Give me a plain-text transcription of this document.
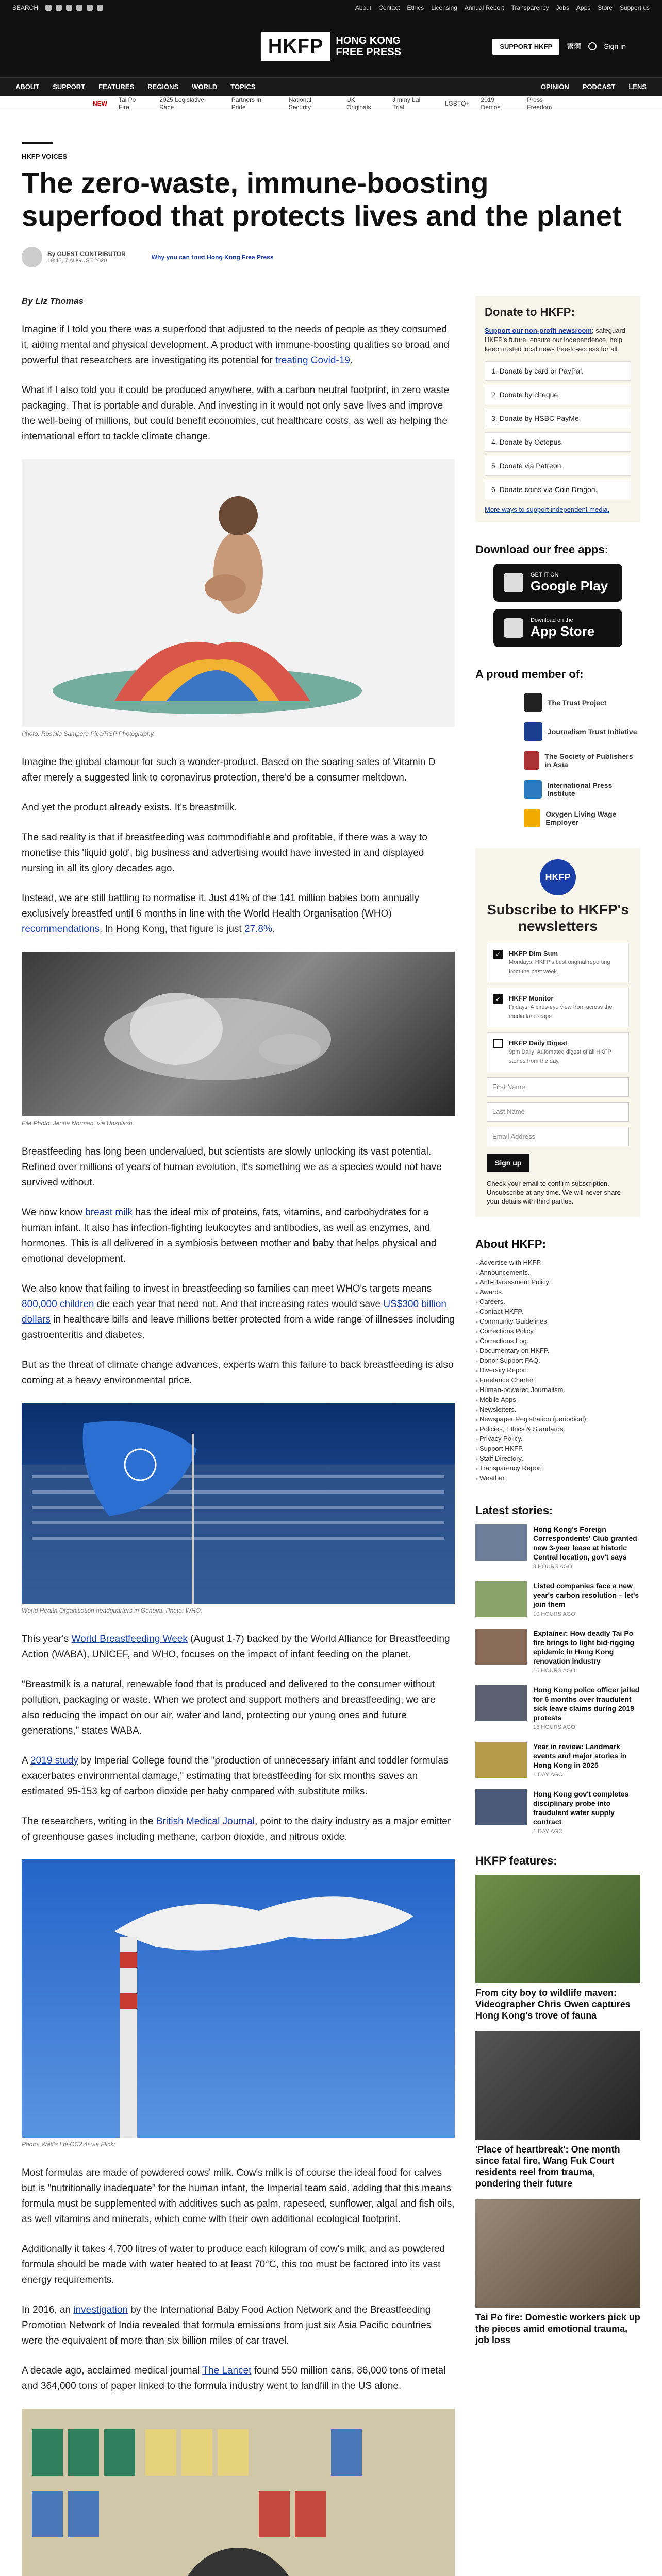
SEARCH	About Contact Ethics Licensing Annual Report Transparency Jobs Apps Store Support us
HKFP	HONG KONG
FREE PRESS	SUPPORT HKFP	繁體	Sign in
ABOUT SUPPORT FEATURES REGIONS WORLD TOPICS	OPINION PODCAST LENS
NEW Tai Po Fire
2025 Legislative Race
Partners in Pride
National Security
UK Originals
Jimmy Lai Trial	LGBTQ+ 2019 Demos
Press Freedom
HKFP VOICES
The zero-waste, immune-boosting superfood that protects lives and the planet
By GUEST CONTRIBUTOR
19:45, 7 AUGUST 2020	Why you can trust Hong Kong Free Press
By Liz Thomas

Imagine if I told you there was a superfood that adjusted to the needs of people as they consumed it, aiding mental and physical development. A product with immune-boosting qualities so broad and powerful that researchers are investigating its potential for treating Covid-19.

What if I also told you it could be produced anywhere, with a carbon neutral footprint, in zero waste packaging. That is portable and durable. And investing in it would not only save lives and improve the well-being of millions, but could benefit economies, cut healthcare costs, as well as helping the international effort to tackle climate change.

Photo: Rosalie Sampere Pico/RSP Photography.

Imagine the global clamour for such a wonder-product. Based on the soaring sales of Vitamin D after merely a suggested link to coronavirus protection, there'd be a consumer meltdown.

And yet the product already exists. It's breastmilk.

The sad reality is that if breastfeeding was commodifiable and profitable, if there was a way to monetise this 'liquid gold', big business and advertising would have invested in and displayed nursing in all its glory decades ago.

Instead, we are still battling to normalise it. Just 41% of the 141 million babies born annually exclusively breastfed until 6 months in line with the World Health Organisation (WHO) recommendations. In Hong Kong, that figure is just 27.8%.

File Photo: Jenna Norman, via Unsplash.

Breastfeeding has long been undervalued, but scientists are slowly unlocking its vast potential. Refined over millions of years of human evolution, it's something we as a species would not have survived without.

We now know breast milk has the ideal mix of proteins, fats, vitamins, and carbohydrates for a human infant. It also has infection-fighting leukocytes and antibodies, as well as enzymes, and hormones. This is all delivered in a symbiosis between mother and baby that helps physical and emotional development.

We also know that failing to invest in breastfeeding so families can meet WHO's targets means 800,000 children die each year that need not. And that increasing rates would save US$300 billion dollars in healthcare bills and leave millions better protected from a wide range of illnesses including gastroenteritis and diabetes.

But as the threat of climate change advances, experts warn this failure to back breastfeeding is also coming at a heavy environmental price.

World Health Organisation headquarters in Geneva. Photo: WHO.

This year's World Breastfeeding Week (August 1-7) backed by the World Alliance for Breastfeeding Action (WABA), UNICEF, and WHO, focuses on the impact of infant feeding on the planet.

"Breastmilk is a natural, renewable food that is produced and delivered to the consumer without pollution, packaging or waste. When we protect and support mothers and breastfeeding, we are also reducing the impact on our air, water and land, protecting our young ones and future generations," states WABA.

A 2019 study by Imperial College found the "production of unnecessary infant and toddler formulas exacerbates environmental damage," estimating that breastfeeding for six months saves an estimated 95-153 kg of carbon dioxide per baby compared with substitute milks.

The researchers, writing in the British Medical Journal, point to the dairy industry as a major emitter of greenhouse gases including methane, carbon dioxide, and nitrous oxide.

Photo: Walt's Lbi-CC2.4r via Flickr

Most formulas are made of powdered cows' milk. Cow's milk is of course the ideal food for calves but is "nutritionally inadequate" for the human infant, the Imperial team said, adding that this means formula must be supplemented with additives such as palm, rapeseed, sunflower, algal and fish oils, as well vitamins and minerals, which come with their own additional ecological footprint.

Additionally it takes 4,700 litres of water to produce each kilogram of cow's milk, and as powdered formula should be made with water heated to at least 70°C, this too must be factored into its vast energy requirements.

In 2016, an investigation by the International Baby Food Action Network and the Breastfeeding Promotion Network of India revealed that formula emissions from just six Asia Pacific countries were the equivalent of more than six billion miles of car travel.

A decade ago, acclaimed medical journal The Lancet found 550 million cans, 86,000 tons of metal and 364,000 tons of paper linked to the formula industry went to landfill in the US alone.

Donate to HKFP:
Support our non-profit newsroom; safeguard HKFP's future, ensure our independence, help keep trusted local news free-to-access for all.
1. Donate by card or PayPal.
2. Donate by cheque.
3. Donate by HSBC PayMe.
4. Donate by Octopus.
5. Donate via Patreon.
6. Donate coins via Coin Dragon.
More ways to support independent media.
Download our free apps:
GET IT ON
Google Play
Download on the
App Store
A proud member of:
The Trust Project
Journalism Trust Initiative
The Society of Publishers in Asia
International Press Institute
Oxygen Living Wage Employer
HKFP
Subscribe to HKFP's newsletters
✓	HKFP Dim Sum
Mondays: HKFP's best original reporting from the past week.
✓	HKFP Monitor
Fridays: A birds-eye view from across the media landscape.
HKFP Daily Digest
9pm Daily: Automated digest of all HKFP stories from the day.
First Name
Last Name
Email Address
Sign up
Check your email to confirm subscription. Unsubscribe at any time. We will never share your details with third parties.
About HKFP:
● Advertise with HKFP.
● Announcements.
● Anti-Harassment Policy.
● Awards.
● Careers.
● Contact HKFP.
● Community Guidelines.
● Corrections Policy.
● Corrections Log.
● Documentary on HKFP.
● Donor Support FAQ.
● Diversity Report.
● Freelance Charter.
● Human-powered Journalism.
● Mobile Apps.
● Newsletters.
● Newspaper Registration (periodical).
● Policies, Ethics & Standards.
● Privacy Policy.
● Support HKFP.
● Staff Directory.
● Transparency Report.
● Weather.
Latest stories:
Hong Kong's Foreign Correspondents' Club granted new 3-year lease at historic Central location, gov't says
9 HOURS AGO
Listed companies face a new year's carbon resolution – let's join them
10 HOURS AGO
Explainer: How deadly Tai Po fire brings to light bid-rigging epidemic in Hong Kong renovation industry
16 HOURS AGO
Hong Kong police officer jailed for 6 months over fraudulent sick leave claims during 2019 protests
16 HOURS AGO
Year in review: Landmark events and major stories in Hong Kong in 2025
1 DAY AGO
Hong Kong gov't completes disciplinary probe into fraudulent water supply contract
1 DAY AGO
HKFP features:
From city boy to wildlife maven: Videographer Chris Owen captures Hong Kong's trove of fauna
'Place of heartbreak': One month since fatal fire, Wang Fuk Court residents reel from trauma, pondering their future
Tai Po fire: Domestic workers pick up the pieces amid emotional trauma, job loss
